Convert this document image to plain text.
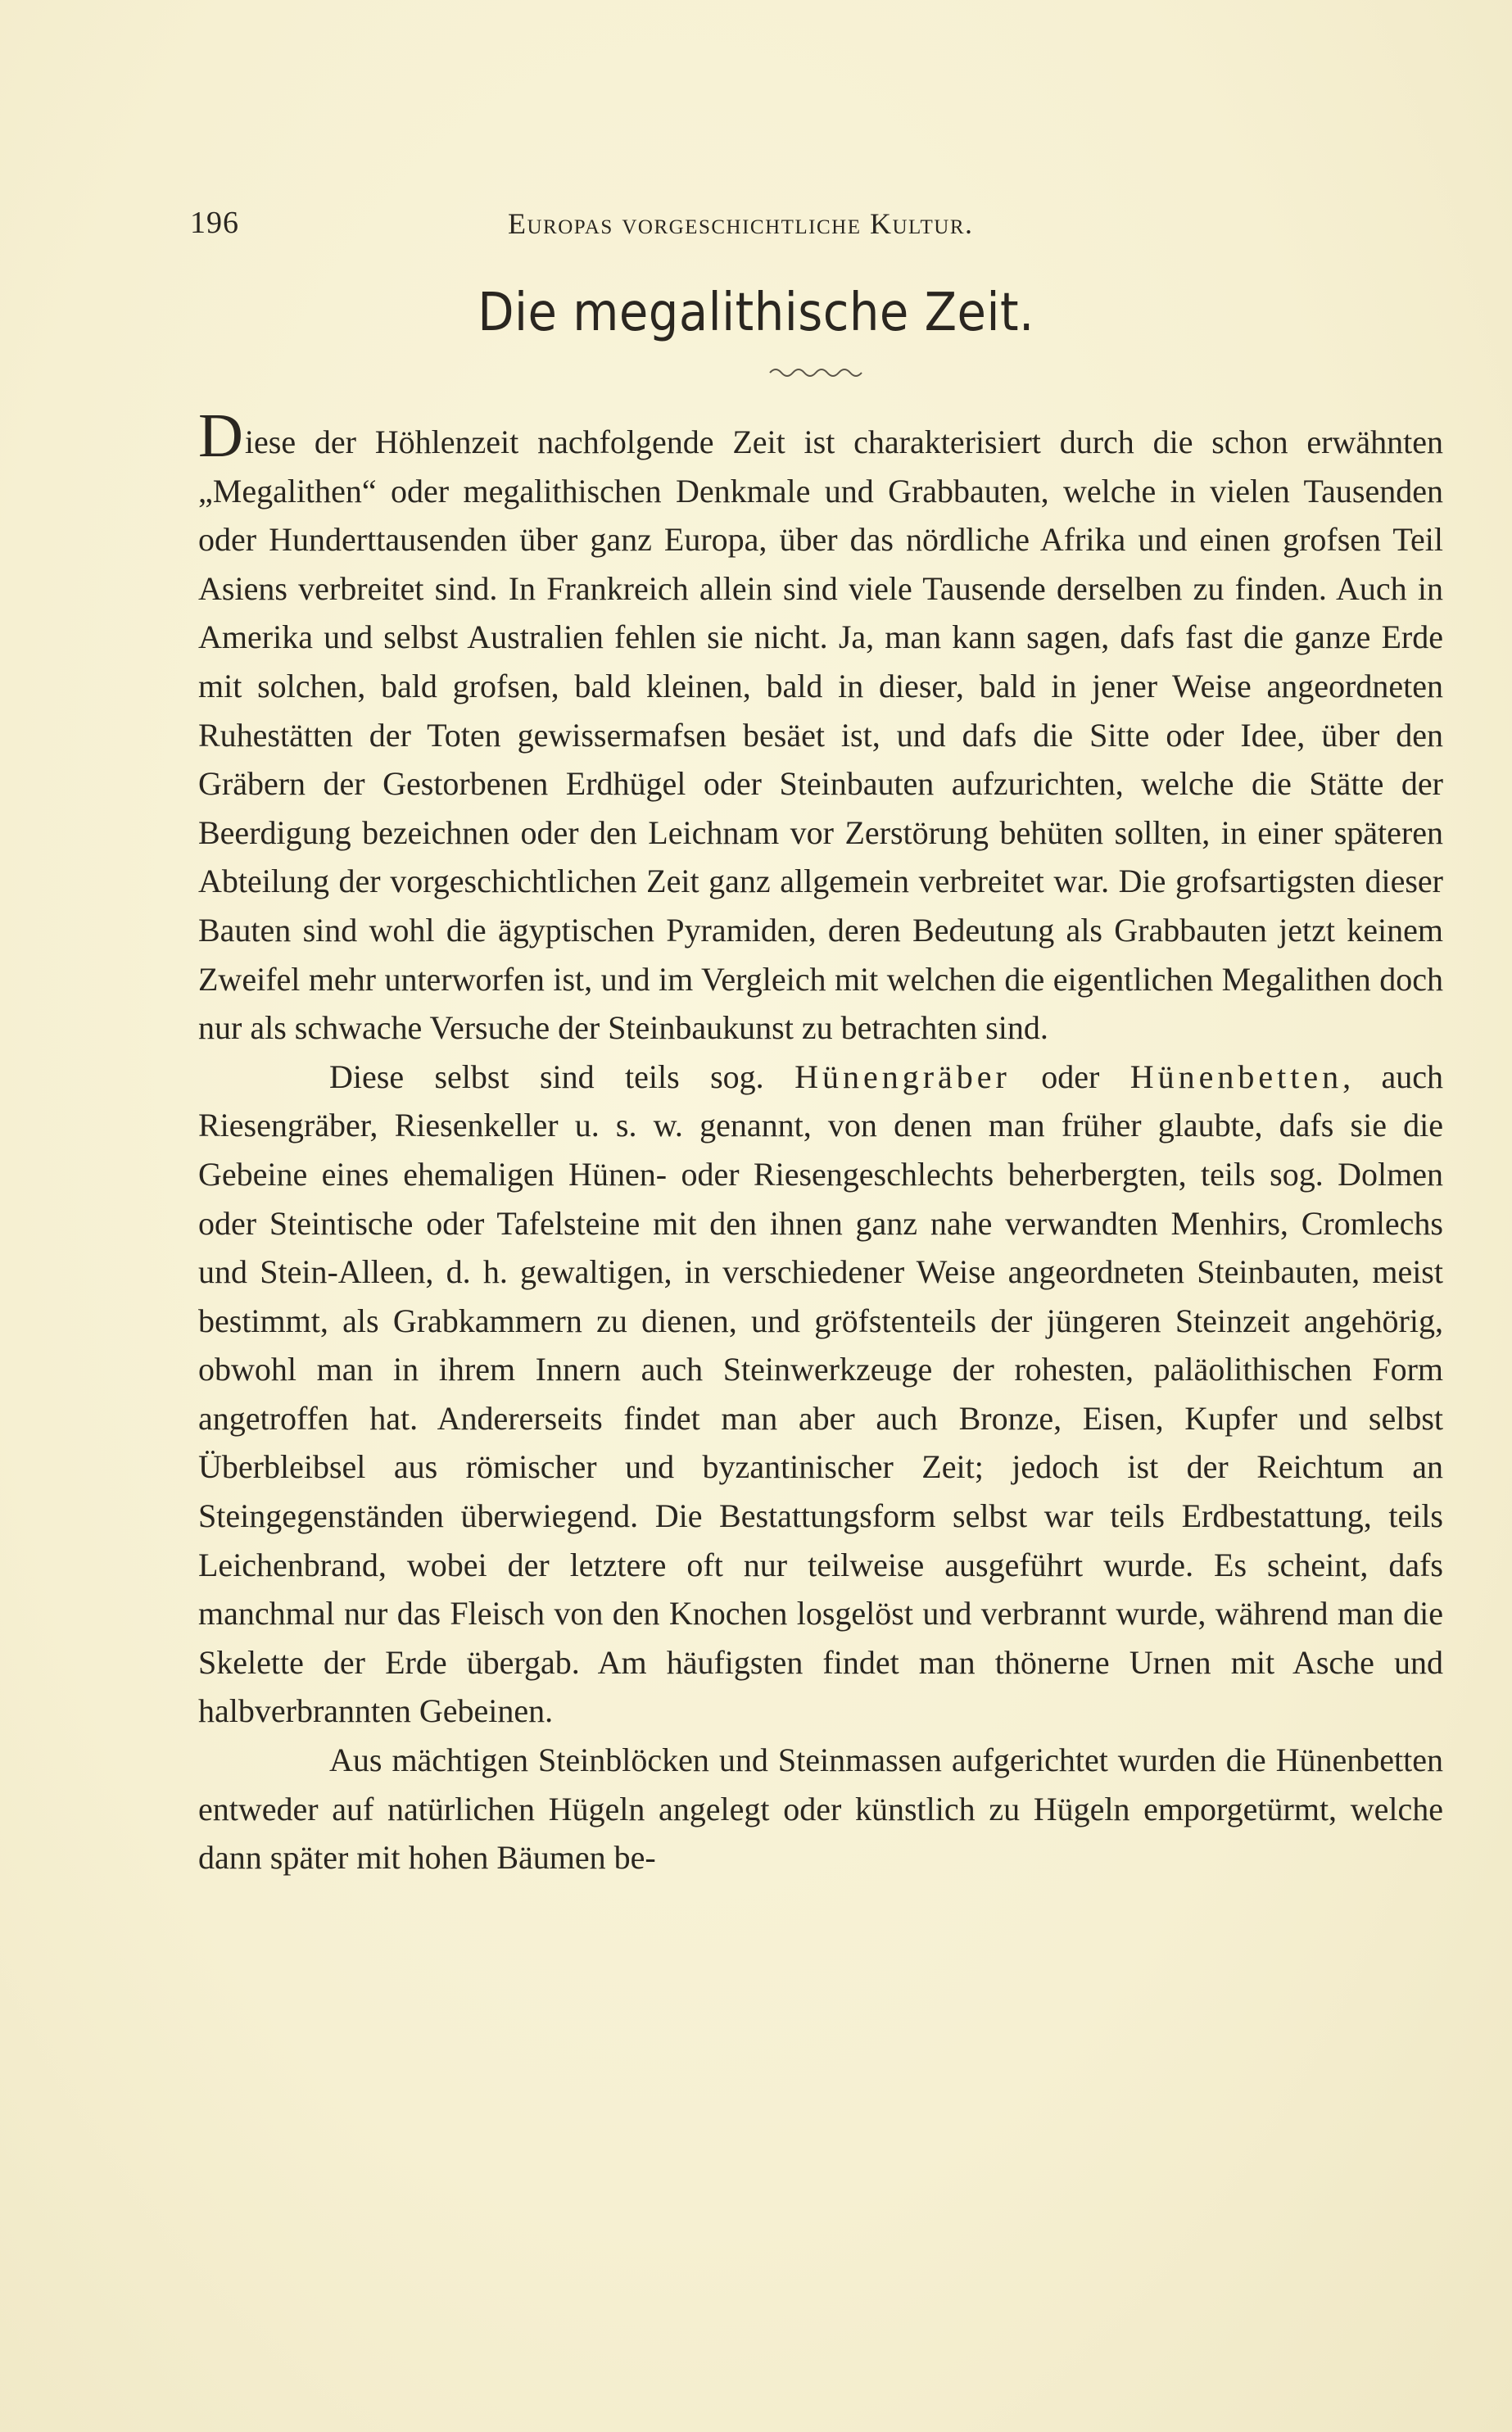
196	Europas vorgeschichtliche Kultur.
Die megalithische Zeit.

Diese der Höhlenzeit nachfolgende Zeit ist charakterisiert durch die schon erwähnten „Megalithen“ oder megalithischen Denkmale und Grabbauten, welche in vielen Tausenden oder Hunderttausenden über ganz Europa, über das nördliche Afrika und einen grofsen Teil Asiens verbreitet sind. In Frankreich allein sind viele Tausende derselben zu finden. Auch in Amerika und selbst Australien fehlen sie nicht. Ja, man kann sagen, dafs fast die ganze Erde mit solchen, bald grofsen, bald kleinen, bald in dieser, bald in jener Weise angeordneten Ruhestätten der Toten gewissermafsen besäet ist, und dafs die Sitte oder Idee, über den Gräbern der Gestorbenen Erdhügel oder Steinbauten aufzurichten, welche die Stätte der Beerdigung bezeichnen oder den Leichnam vor Zerstörung behüten sollten, in einer späteren Abteilung der vorgeschichtlichen Zeit ganz allgemein verbreitet war. Die grofsartigsten dieser Bauten sind wohl die ägyptischen Pyramiden, deren Bedeutung als Grabbauten jetzt keinem Zweifel mehr unterworfen ist, und im Vergleich mit welchen die eigentlichen Megalithen doch nur als schwache Versuche der Steinbaukunst zu betrachten sind.

Diese selbst sind teils sog. Hünengräber oder Hünenbetten, auch Riesengräber, Riesenkeller u. s. w. genannt, von denen man früher glaubte, dafs sie die Gebeine eines ehemaligen Hünen- oder Riesengeschlechts beherbergten, teils sog. Dolmen oder Steintische oder Tafelsteine mit den ihnen ganz nahe verwandten Menhirs, Cromlechs und Stein-Alleen, d. h. gewaltigen, in verschiedener Weise angeordneten Steinbauten, meist bestimmt, als Grabkammern zu dienen, und gröfstenteils der jüngeren Steinzeit angehörig, obwohl man in ihrem Innern auch Steinwerkzeuge der rohesten, paläolithischen Form angetroffen hat. Andererseits findet man aber auch Bronze, Eisen, Kupfer und selbst Überbleibsel aus römischer und byzantinischer Zeit; jedoch ist der Reichtum an Steingegenständen überwiegend. Die Bestattungsform selbst war teils Erdbestattung, teils Leichenbrand, wobei der letztere oft nur teilweise ausgeführt wurde. Es scheint, dafs manchmal nur das Fleisch von den Knochen losgelöst und verbrannt wurde, während man die Skelette der Erde übergab. Am häufigsten findet man thönerne Urnen mit Asche und halbverbrannten Gebeinen.

Aus mächtigen Steinblöcken und Steinmassen aufgerichtet wurden die Hünenbetten entweder auf natürlichen Hügeln angelegt oder künstlich zu Hügeln emporgetürmt, welche dann später mit hohen Bäumen be-
